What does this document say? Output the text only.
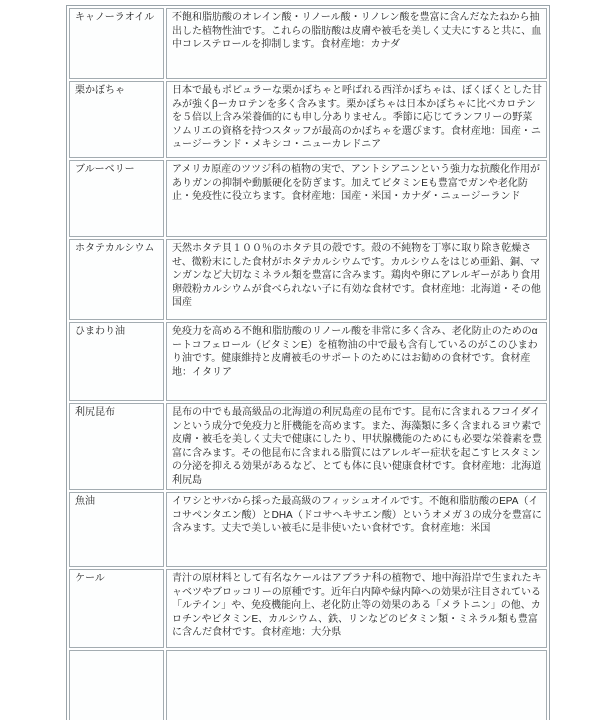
キャノーラオイル	不飽和脂肪酸のオレイン酸・リノール酸・リノレン酸を豊富に含んだなたねから抽出した植物性油です。これらの脂肪酸は皮膚や被毛を美しく丈夫にすると共に、血中コレステロールを抑制します。食材産地：カナダ
栗かぼちゃ	日本で最もポピュラーな栗かぼちゃと呼ばれる西洋かぼちゃは、ぼくぼくとした甘みが強くβーカロテンを多く含みます。栗かぼちゃは日本かぼちゃに比べカロテンを５倍以上含み栄養価的にも申し分ありません。季節に応じてランフリーの野菜ソムリエの資格を持つスタッフが最高のかぼちゃを選びます。食材産地：国産・ニュージーランド・メキシコ・ニューカレドニア
ブルーベリー	アメリカ原産のツツジ科の植物の実で、アントシアニンという強力な抗酸化作用がありガンの抑制や動脈硬化を防ぎます。加えてビタミンEも豊富でガンや老化防止・免疫性に役立ちます。食材産地：国産・米国・カナダ・ニュージーランド
ホタテカルシウム	天然ホタテ貝１００％のホタテ貝の殻です。殻の不純物を丁寧に取り除き乾燥させ、微粉末にした食材がホタテカルシウムです。カルシウムをはじめ亜鉛、銅、マンガンなど大切なミネラル類を豊富に含みます。鶏肉や卵にアレルギーがあり食用卵殻粉カルシウムが食べられない子に有効な食材です。食材産地：北海道・その他国産
ひまわり油	免疫力を高める不飽和脂肪酸のリノール酸を非常に多く含み、老化防止のためのαートコフェロール（ビタミンE）を植物油の中で最も含有しているのがこのひまわり油です。健康維持と皮膚被毛のサポートのためにはお勧めの食材です。食材産地：イタリア
利尻昆布	昆布の中でも最高級品の北海道の利尻島産の昆布です。昆布に含まれるフコイダインという成分で免疫力と肝機能を高めます。また、海藻類に多く含まれるヨウ素で皮膚・被毛を美しく丈夫で健康にしたり、甲状腺機能のためにも必要な栄養素を豊富に含みます。その他昆布に含まれる脂質にはアレルギー症状を起こすヒスタミンの分泌を抑える効果があるなど、とても体に良い健康食材です。食材産地：北海道利尻島
魚油	イワシとサバから採った最高級のフィッシュオイルです。不飽和脂肪酸のEPA（イコサペンタエン酸）とDHA（ドコサヘキサエン酸）というオメガ３の成分を豊富に含みます。丈夫で美しい被毛に是非使いたい食材です。食材産地：米国
ケール	青汁の原材料として有名なケールはアブラナ科の植物で、地中海沿岸で生まれたキャベツやブロッコリーの原種です。近年白内障や緑内障への効果が注目されている「ルテイン」や、免疫機能向上、老化防止等の効果のある「メラトニン」の他、カロチンやビタミンE、カルシウム、鉄、リンなどのビタミン類・ミネラル類も豊富に含んだ食材です。食材産地：大分県
